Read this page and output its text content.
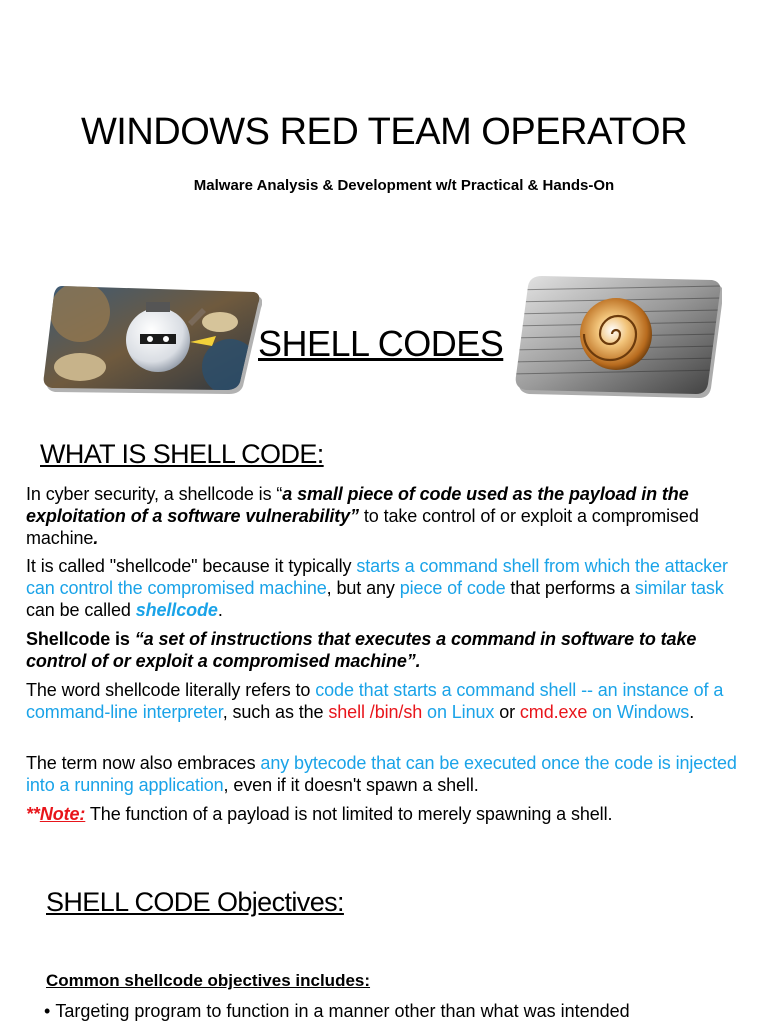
WINDOWS RED TEAM OPERATOR
Malware Analysis & Development w/t Practical & Hands-On
SHELL CODES
WHAT IS SHELL CODE:
In cyber security, a shellcode is “a small piece of code used as the payload in the exploitation of a software vulnerability” to take control of or exploit a compromised machine.
It is called "shellcode" because it typically starts a command shell from which the attacker can control the compromised machine, but any piece of code that performs a similar task can be called shellcode.
Shellcode is “a set of instructions that executes a command in software to take control of or exploit a compromised machine”.
The word shellcode literally refers to code that starts a command shell -- an instance of a command-line interpreter, such as the shell /bin/sh on Linux or cmd.exe on Windows.
The term now also embraces any bytecode that can be executed once the code is injected into a running application, even if it doesn't spawn a shell.
**Note: The function of a payload is not limited to merely spawning a shell.
SHELL CODE Objectives:
Common shellcode objectives includes:
• Targeting program to function in a manner other than what was intended
